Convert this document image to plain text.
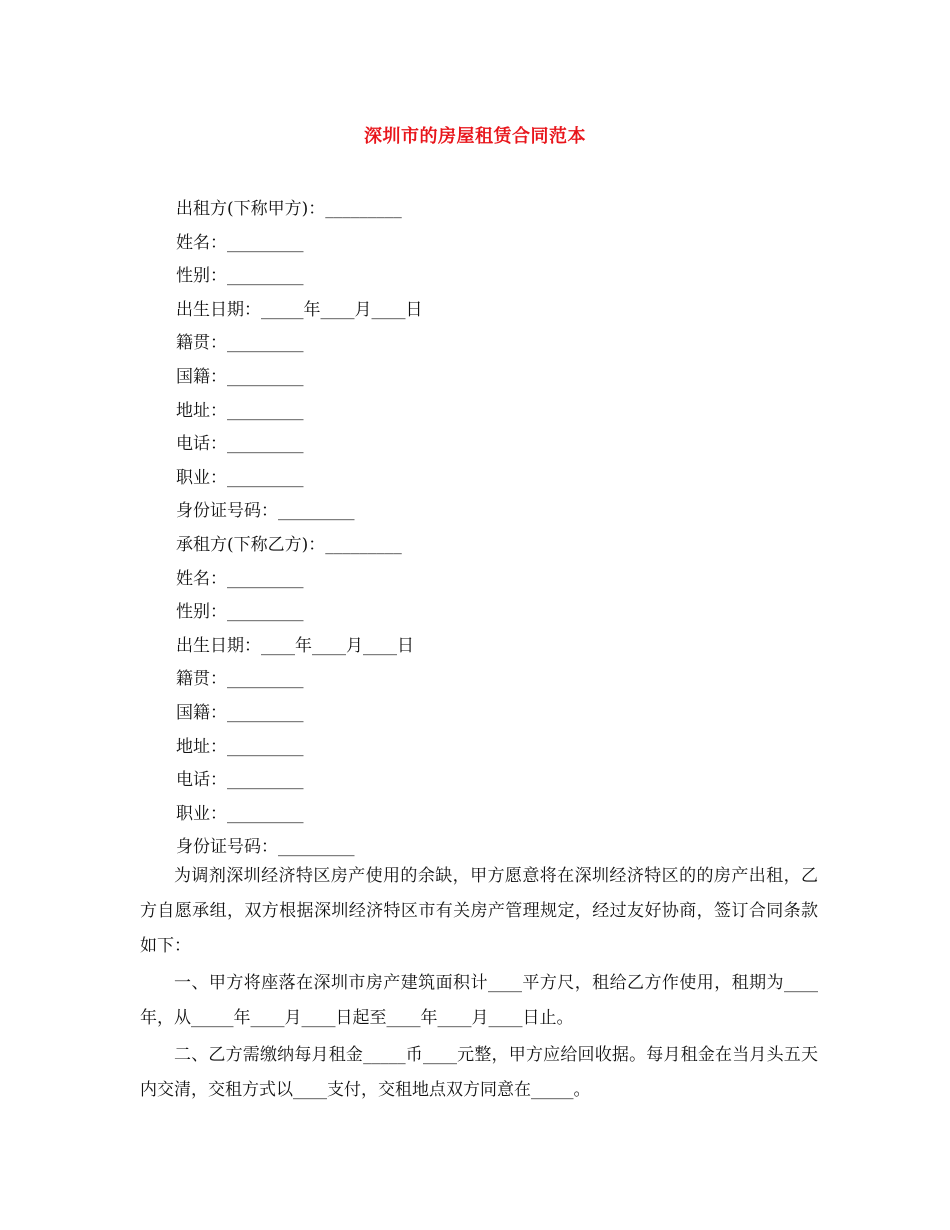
深圳市的房屋租赁合同范本
出租方(下称甲方)：_________
姓名：_________
性别：_________
出生日期：_____年____月____日
籍贯：_________
国籍：_________
地址：_________
电话：_________
职业：_________
身份证号码：_________
承租方(下称乙方)：_________
姓名：_________
性别：_________
出生日期：____年____月____日
籍贯：_________
国籍：_________
地址：_________
电话：_________
职业：_________
身份证号码：_________

为调剂深圳经济特区房产使用的余缺，甲方愿意将在深圳经济特区的的房产出租，乙方自愿承组，双方根据深圳经济特区市有关房产管理规定，经过友好协商，签订合同条款如下：

一、甲方将座落在深圳市房产建筑面积计____平方尺，租给乙方作使用，租期为____年，从_____年____月____日起至____年____月____日止。

二、乙方需缴纳每月租金_____币____元整，甲方应给回收据。每月租金在当月头五天内交清，交租方式以____支付，交租地点双方同意在_____。
